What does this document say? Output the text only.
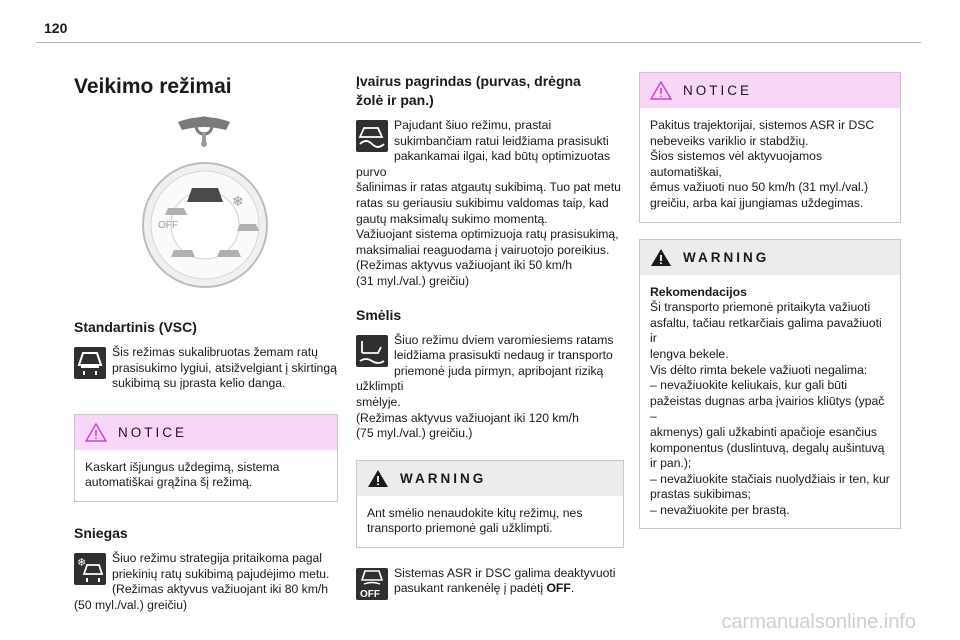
120
Veikimo režimai
❄
OFF
Standartinis (VSC)
Šis režimas sukalibruotas žemam ratų
prasisukimo lygiui, atsižvelgiant į skirtingą
sukibimą su įprasta kelio danga.
NOTICE
Kaskart išjungus uždegimą, sistema
automatiškai grąžina šį režimą.
Sniegas
❄	Šiuo režimu strategija pritaikoma pagal
priekinių ratų sukibimą pajudėjimo metu.
(Režimas aktyvus važiuojant iki 80 km/h
(50 myl./val.) greičiu)
Įvairus pagrindas (purvas, drėgna
žolė ir pan.)
Pajudant šiuo režimu, prastai
sukimbančiam ratui leidžiama prasisukti
pakankamai ilgai, kad būtų optimizuotas purvo
šalinimas ir ratas atgautų sukibimą. Tuo pat metu
ratas su geriausiu sukibimu valdomas taip, kad
gautų maksimalų sukimo momentą.
Važiuojant sistema optimizuoja ratų prasisukimą,
maksimaliai reaguodama į vairuotojo poreikius.
(Režimas aktyvus važiuojant iki 50 km/h
(31 myl./val.) greičiu)
Smėlis
Šiuo režimu dviem varomiesiems ratams
leidžiama prasisukti nedaug ir transporto
priemonė juda pirmyn, apribojant riziką užklimpti
smėlyje.
(Režimas aktyvus važiuojant iki 120 km/h
(75 myl./val.) greičiu.)
WARNING
Ant smėlio nenaudokite kitų režimų, nes
transporto priemonė gali užklimpti.
OFF
Sistemas ASR ir DSC galima deaktyvuoti
pasukant rankenėlę į padėtį OFF.
NOTICE
Pakitus trajektorijai, sistemos ASR ir DSC
nebeveiks variklio ir stabdžių.
Šios sistemos vėl aktyvuojamos automatiškai,
émus važiuoti nuo 50 km/h (31 myl./val.)
greičiu, arba kai įjungiamas uždegimas.
WARNING
Rekomendacijos
Ši transporto priemonė pritaikyta važiuoti
asfaltu, tačiau retkarčiais galima pavažiuoti ir
lengva bekele.
Vis dėlto rimta bekele važiuoti negalima:
– nevažiuokite keliukais, kur gali būti
pažeistas dugnas arba įvairios kliūtys (ypač –
akmenys) gali užkabinti apačioje esančius
komponentus (duslintuvą, degalų aušintuvą
ir pan.);
– nevažiuokite stačiais nuolydžiais ir ten, kur
prastas sukibimas;
– nevažiuokite per brastą.
carmanualsonline.info
